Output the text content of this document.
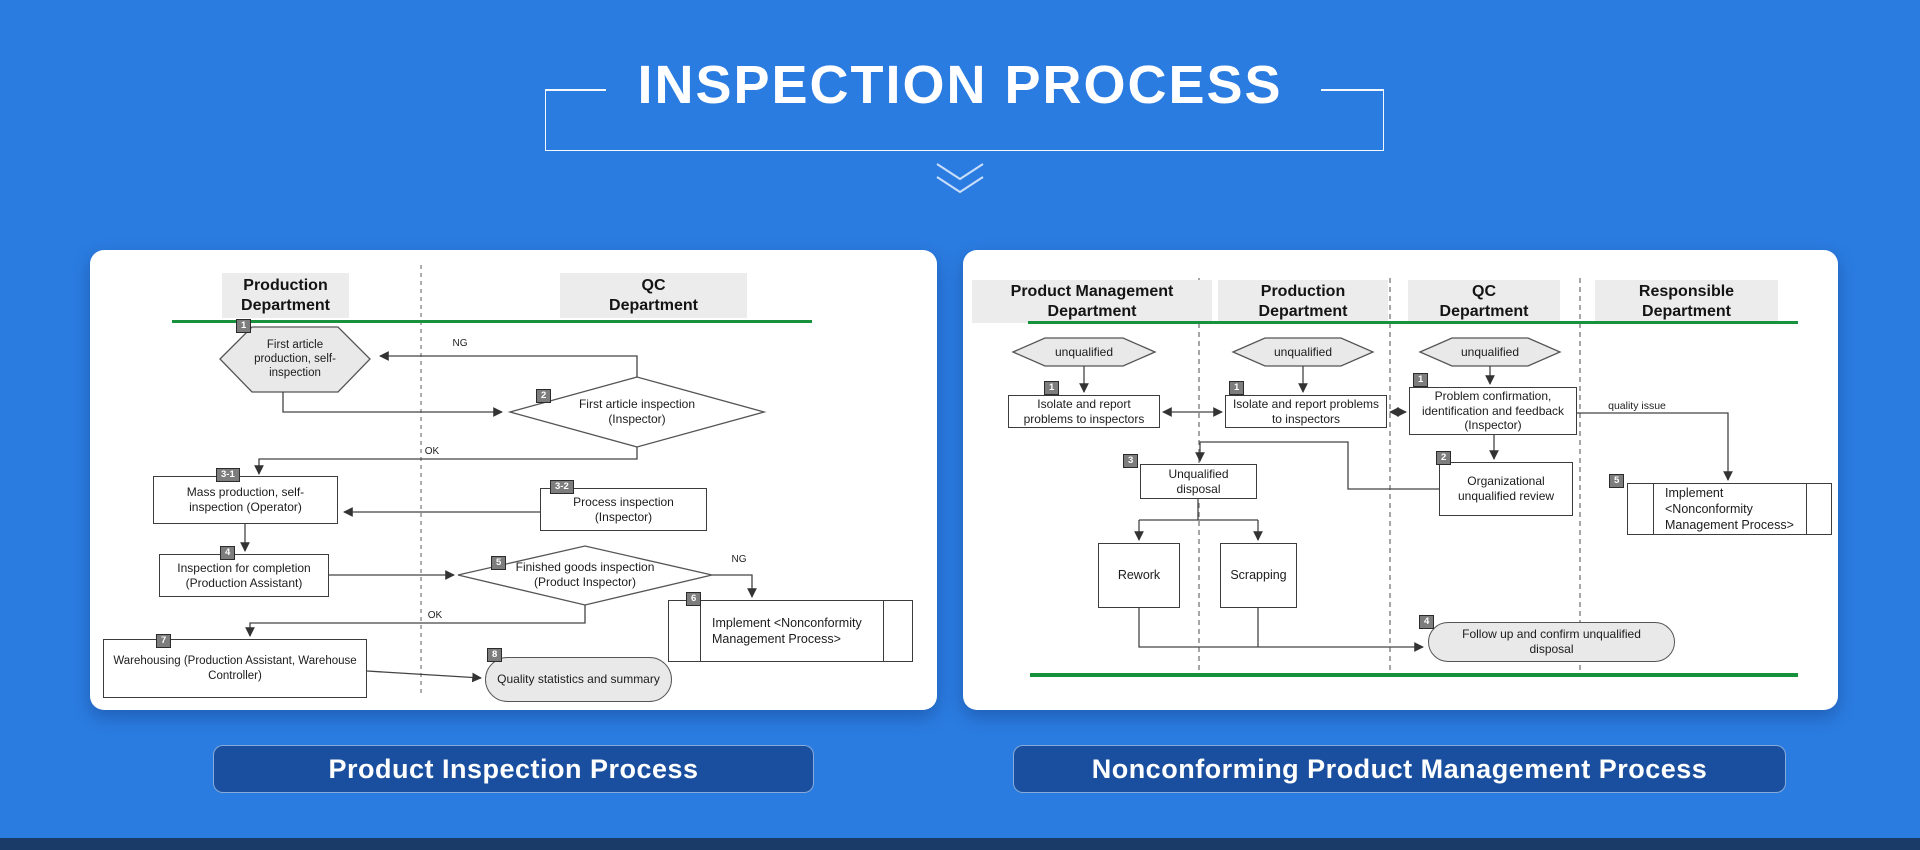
INSPECTION PROCESS
Production Department
QC Department
First article production, self-inspection
1
First article inspection (Inspector)
2
Mass production, self-inspection (Operator)
3-1
Process inspection (Inspector)
3-2
Inspection for completion (Production Assistant)
4
Finished goods inspection (Product Inspector)
5
Implement <Nonconformity Management Process>
6
Warehousing (Production Assistant, Warehouse Controller)
7
Quality statistics and summary
8
NG
OK
NG
OK
Product Management Department
Production Department
QC Department
Responsible Department
unqualified	unqualified	unqualified
Isolate and report problems to inspectors
1
Isolate and report problems to inspectors
1
Problem confirmation, identification and feedback (Inspector)
1
Organizational unqualified review
2
Unqualified disposal
3
Rework	Scrapping
Follow up and confirm unqualified disposal
4
Implement <Nonconformity Management Process>
5
quality issue
Product Inspection Process	Nonconforming Product Management Process
